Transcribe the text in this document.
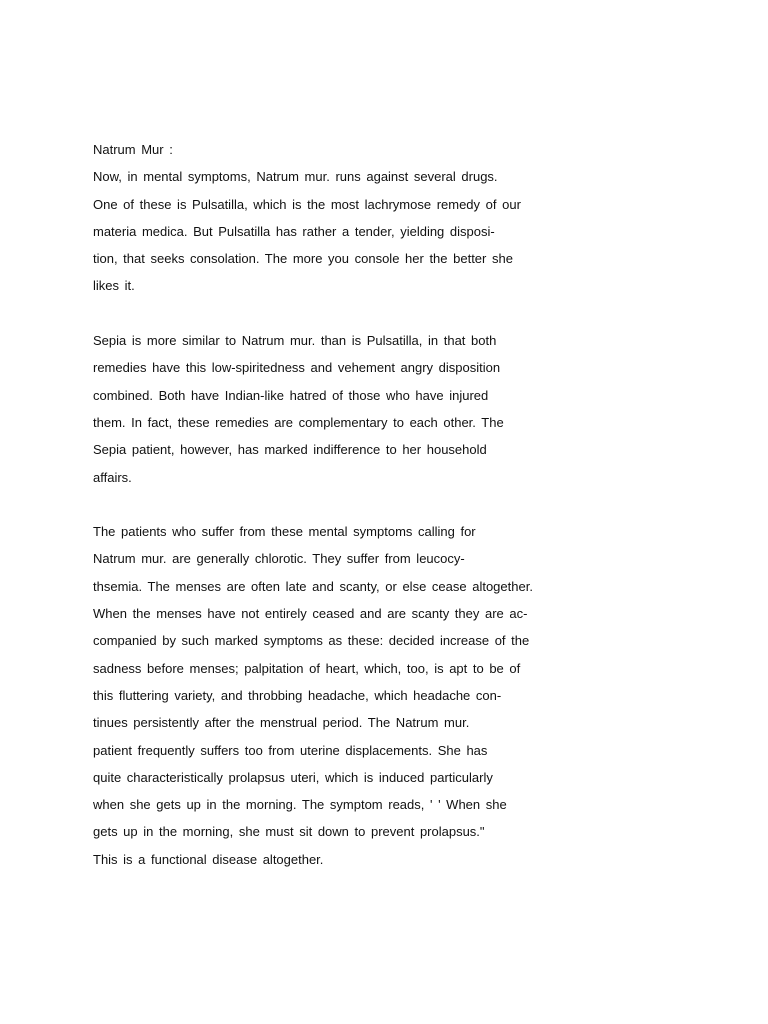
Natrum Mur :
Now, in mental symptoms, Natrum mur. runs against several drugs.
One of these is Pulsatilla, which is the most lachrymose remedy of our
materia medica. But Pulsatilla has rather a tender, yielding disposi-
tion, that seeks consolation. The more you console her the better she
likes it.
Sepia is more similar to Natrum mur. than is Pulsatilla, in that both
remedies have this low-spiritedness and vehement angry disposition
combined. Both have Indian-like hatred of those who have injured
them. In fact, these remedies are complementary to each other. The
Sepia patient, however, has marked indifference to her household
affairs.
The patients who suffer from these mental symptoms calling for
Natrum mur. are generally chlorotic. They suffer from leucocy-
thsemia. The menses are often late and scanty, or else cease altogether.
When the menses have not entirely ceased and are scanty they are ac-
companied by such marked symptoms as these: decided increase of the
sadness before menses; palpitation of heart, which, too, is apt to be of
this fluttering variety, and throbbing headache, which headache con-
tinues persistently after the menstrual period. The Natrum mur.
patient frequently suffers too from uterine displacements. She has
quite characteristically prolapsus uteri, which is induced particularly
when she gets up in the morning. The symptom reads, ' ' When she
gets up in the morning, she must sit down to prevent prolapsus."
This is a functional disease altogether.
